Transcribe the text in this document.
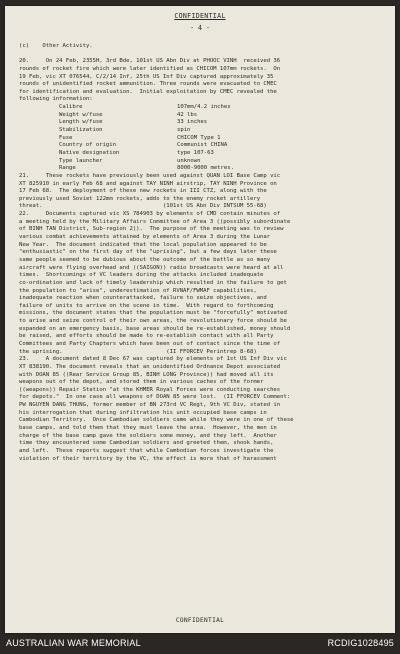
CONFIDENTIAL
- 4 -
(c)    Other Activity.
20.     On 24 Feb, 2355H, 3rd Bde, 101st US Abn Div at PHOOC VINH  received 36
rounds of rocket fire which were later identified as CHICOM 107mm rockets.  On
19 Feb, vic XT 076544, C/2/14 Inf, 25th US Inf Div captured approximately 35
rounds of unidentified rocket ammunition. Three rounds were evacuated to CMEC
for identification and evaluation.  Initial exploitation by CMEC revealed the
following information:
Calibre	107mm/4.2 inches
Weight w/fuse	42 lbs
Length w/fuse	33 inches
Stabilization	spin
Fuse	CHICOM Type 1
Country of origin	Communist CHINA
Native designation	type 107-63
Type launcher	unknown
Range	8000-9000 metres.
21.     These rockets have previously been used against QUAN LOI Base Camp vic
XT 825910 in early Feb 68 and against TAY NINH airstrip, TAY NINH Province on
17 Feb 68.  The deployment of these new rockets in III CTZ, along with the
previously used Soviet 122mm rockets, adds to the enemy rocket artillery
threat.                                    (101st US Abn Div INTSUM 55-68)
22.     Documents captured vic XS 784903 by elements of CMD contain minutes of
a meeting held by the Military Affairs Committee of Area 3 ((possibly subordinate
of BINH TAN District, Sub-region 2)).  The purpose of the meeting was to review
various combat achievements attained by elements of Area 3 during the Lunar
New Year.  The document indicated that the local population appeared to be
"enthusiastic" on the first day of the "uprising", but a few days later these
same people seemed to be dubious about the outcome of the battle as so many
aircraft were flying overhead and ((SAIGON)) radio broadcasts were heard at all
times.  Shortcomings of VC leaders during the attacks included inadequate
co-ordination and lack of timely leadership which resulted in the failure to get
the population to "arise", underestimation of RVNAF/FWMAF capabilities,
inadequate reaction when counterattacked, failure to seize objectives, and
failure of units to arrive on the scene in time.  With regard to forthcoming
missions, the document states that the population must be "forcefully" motivated
to arise and seize control of their own areas, the revolutionary force should be
expanded on an emergency basis, base areas should be re-established, money should
be raised, and efforts should be made to re-establish contact with all Party
Committees and Party Chapters which have been out of contact since the time of
the uprising.                               (II FFORCEV Perintrep 8-68)
23.     A document dated 8 Dec 67 was captured by elements of 1st US Inf Div vic
XT 838190. The document reveals that an unidentified Ordnance Depot associated
with DOAN 85 ((Rear Service Group 85, BINH LONG Province)) had moved all its
weapons out of the depot, and stored them in various caches of the former
((weapons)) Repair Station "at the KHMER Royal Forces were conducting searches
for depots."  In one case all weapons of DOAN 85 were lost.  (II FFORCEV Comment:
PW NGUYEN DANG THUNG, former member of BN 273rd VC Regt, 9th VC Div, stated in
his interrogation that during infiltration his unit occupied base camps in
Cambodian Territory.  Once Cambodian soldiers came while they were in one of these
base camps, and told them that they must leave the area.  However, the men in
charge of the base camp gave the soldiers some money, and they left.  Another
time they encountered some Cambodian soldiers and greeted them, shook hands,
and left.  These reports suggest that while Cambodian forces investigate the
violation of their territory by the VC, the effect is more that of harassment
CONFIDENTIAL
AUSTRALIAN WAR MEMORIAL	RCDIG1028495
